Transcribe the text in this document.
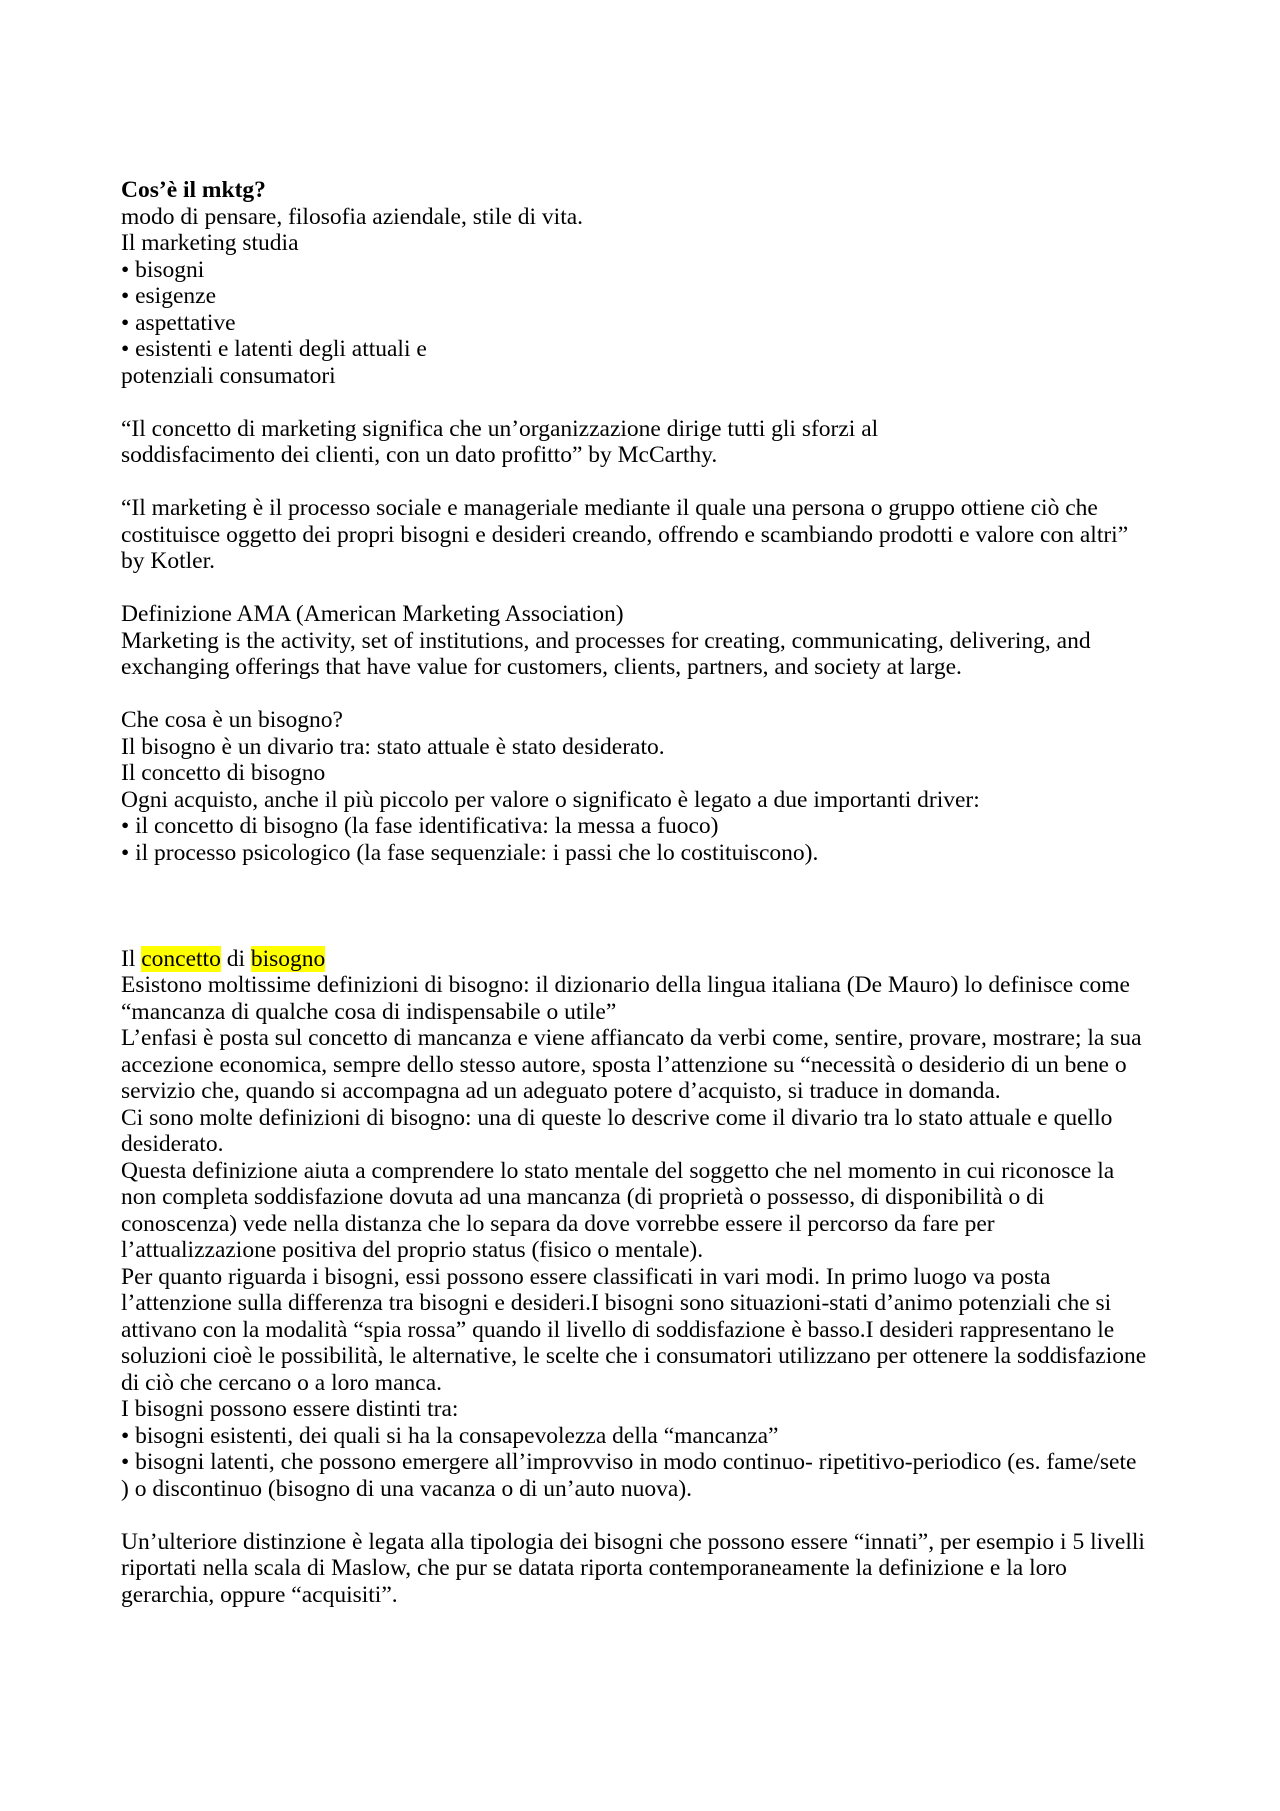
Cos’è il mktg?
modo di pensare, filosofia aziendale, stile di vita.
Il marketing studia
• bisogni
• esigenze
• aspettative
• esistenti e latenti degli attuali e
potenziali consumatori
“Il concetto di marketing significa che un’organizzazione dirige tutti gli sforzi al
soddisfacimento dei clienti, con un dato profitto” by McCarthy.
“Il marketing è il processo sociale e manageriale mediante il quale una persona o gruppo ottiene ciò che
costituisce oggetto dei propri bisogni e desideri creando, offrendo e scambiando prodotti e valore con altri”
by Kotler.
Definizione AMA (American Marketing Association)
Marketing is the activity, set of institutions, and processes for creating, communicating, delivering, and
exchanging offerings that have value for customers, clients, partners, and society at large.
Che cosa è un bisogno?
Il bisogno è un divario tra: stato attuale è stato desiderato.
Il concetto di bisogno
Ogni acquisto, anche il più piccolo per valore o significato è legato a due importanti driver:
• il concetto di bisogno (la fase identificativa: la messa a fuoco)
• il processo psicologico (la fase sequenziale: i passi che lo costituiscono).
Il concetto di bisogno
Esistono moltissime definizioni di bisogno: il dizionario della lingua italiana (De Mauro) lo definisce come
“mancanza di qualche cosa di indispensabile o utile”
L’enfasi è posta sul concetto di mancanza e viene affiancato da verbi come, sentire, provare, mostrare; la sua
accezione economica, sempre dello stesso autore, sposta l’attenzione su “necessità o desiderio di un bene o
servizio che, quando si accompagna ad un adeguato potere d’acquisto, si traduce in domanda.
Ci sono molte definizioni di bisogno: una di queste lo descrive come il divario tra lo stato attuale e quello
desiderato.
Questa definizione aiuta a comprendere lo stato mentale del soggetto che nel momento in cui riconosce la
non completa soddisfazione dovuta ad una mancanza (di proprietà o possesso, di disponibilità o di
conoscenza) vede nella distanza che lo separa da dove vorrebbe essere il percorso da fare per
l’attualizzazione positiva del proprio status (fisico o mentale).
Per quanto riguarda i bisogni, essi possono essere classificati in vari modi. In primo luogo va posta
l’attenzione sulla differenza tra bisogni e desideri.I bisogni sono situazioni-stati d’animo potenziali che si
attivano con la modalità “spia rossa” quando il livello di soddisfazione è basso.I desideri rappresentano le
soluzioni cioè le possibilità, le alternative, le scelte che i consumatori utilizzano per ottenere la soddisfazione
di ciò che cercano o a loro manca.
I bisogni possono essere distinti tra:
• bisogni esistenti, dei quali si ha la consapevolezza della “mancanza”
• bisogni latenti, che possono emergere all’improvviso in modo continuo- ripetitivo-periodico (es. fame/sete
) o discontinuo (bisogno di una vacanza o di un’auto nuova).
Un’ulteriore distinzione è legata alla tipologia dei bisogni che possono essere “innati”, per esempio i 5 livelli
riportati nella scala di Maslow, che pur se datata riporta contemporaneamente la definizione e la loro
gerarchia, oppure “acquisiti”.
